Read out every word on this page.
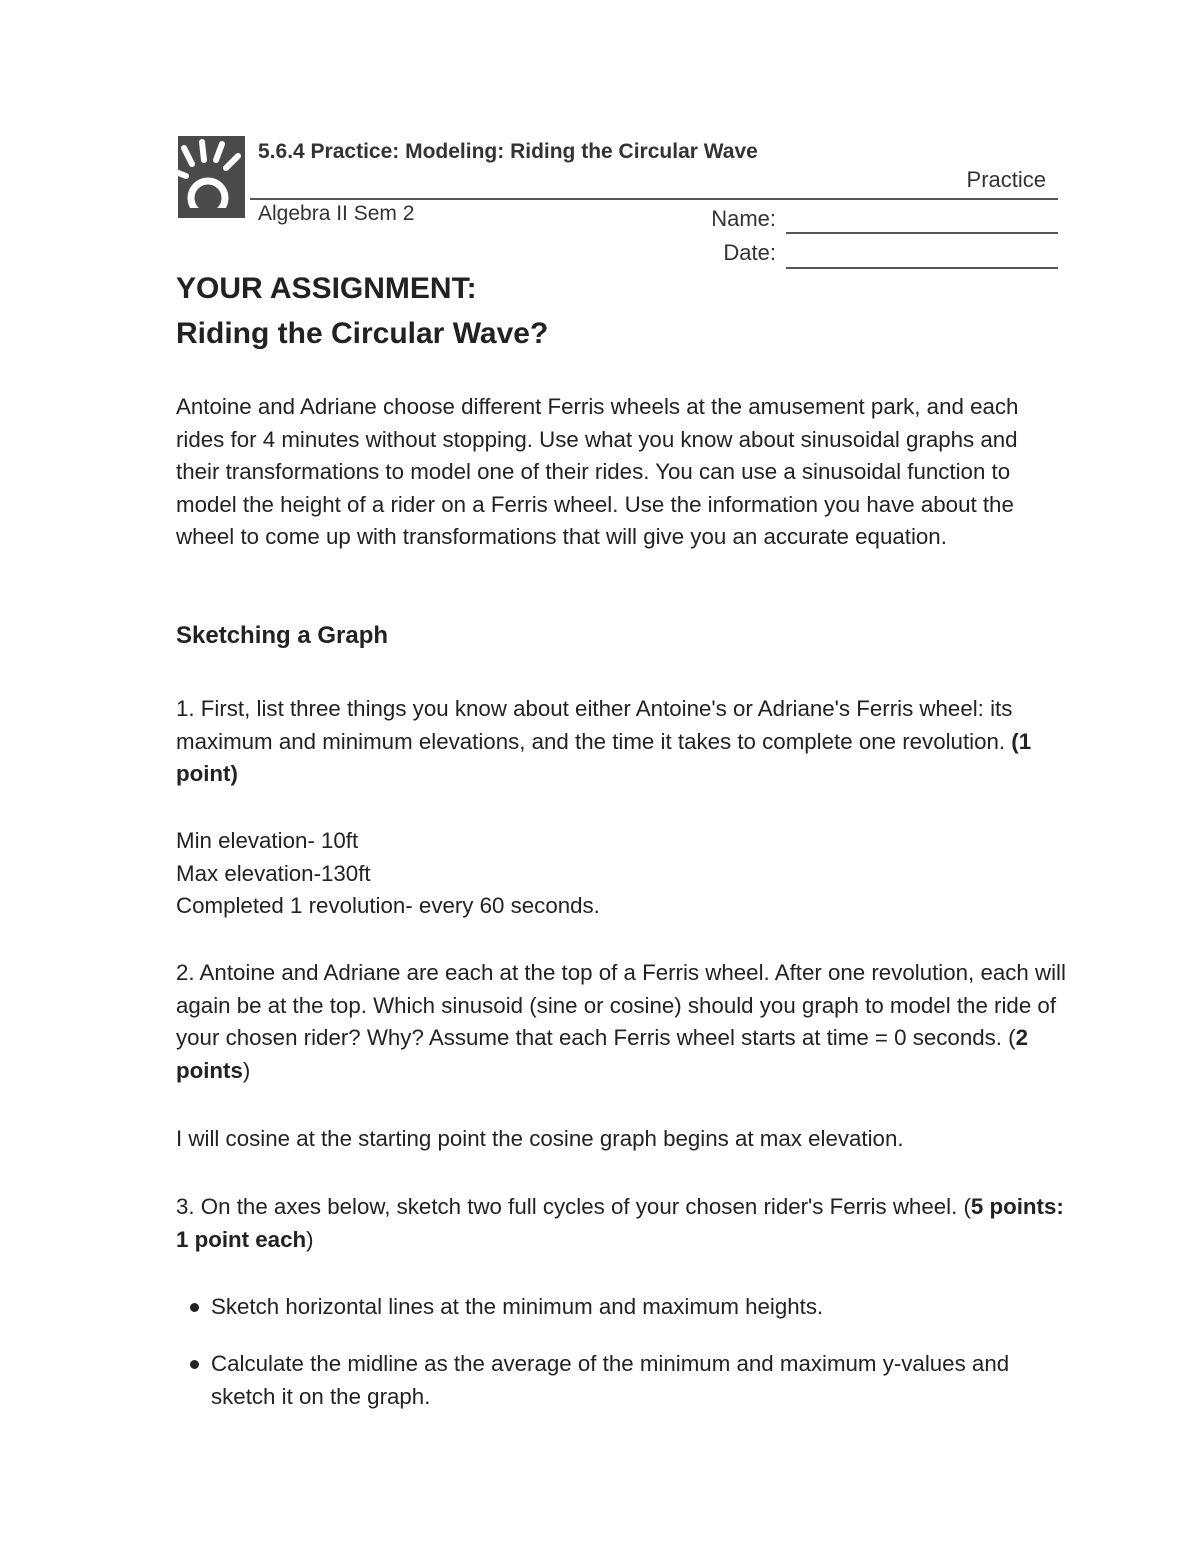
5.6.4 Practice: Modeling: Riding the Circular Wave
Practice
Algebra II Sem 2	Name:
Date:
YOUR ASSIGNMENT:
Riding the Circular Wave?
Antoine and Adriane choose different Ferris wheels at the amusement park, and each rides for 4 minutes without stopping. Use what you know about sinusoidal graphs and their transformations to model one of their rides. You can use a sinusoidal function to model the height of a rider on a Ferris wheel. Use the information you have about the wheel to come up with transformations that will give you an accurate equation.
Sketching a Graph
1. First, list three things you know about either Antoine's or Adriane's Ferris wheel: its maximum and minimum elevations, and the time it takes to complete one revolution. (1 point)
Min elevation- 10ft
Max elevation-130ft
Completed 1 revolution- every 60 seconds.
2. Antoine and Adriane are each at the top of a Ferris wheel. After one revolution, each will again be at the top. Which sinusoid (sine or cosine) should you graph to model the ride of your chosen rider? Why? Assume that each Ferris wheel starts at time = 0 seconds. (2 points)
I will cosine at the starting point the cosine graph begins at max elevation.
3. On the axes below, sketch two full cycles of your chosen rider's Ferris wheel. (5 points: 1 point each)
Sketch horizontal lines at the minimum and maximum heights.
Calculate the midline as the average of the minimum and maximum y-values and sketch it on the graph.
